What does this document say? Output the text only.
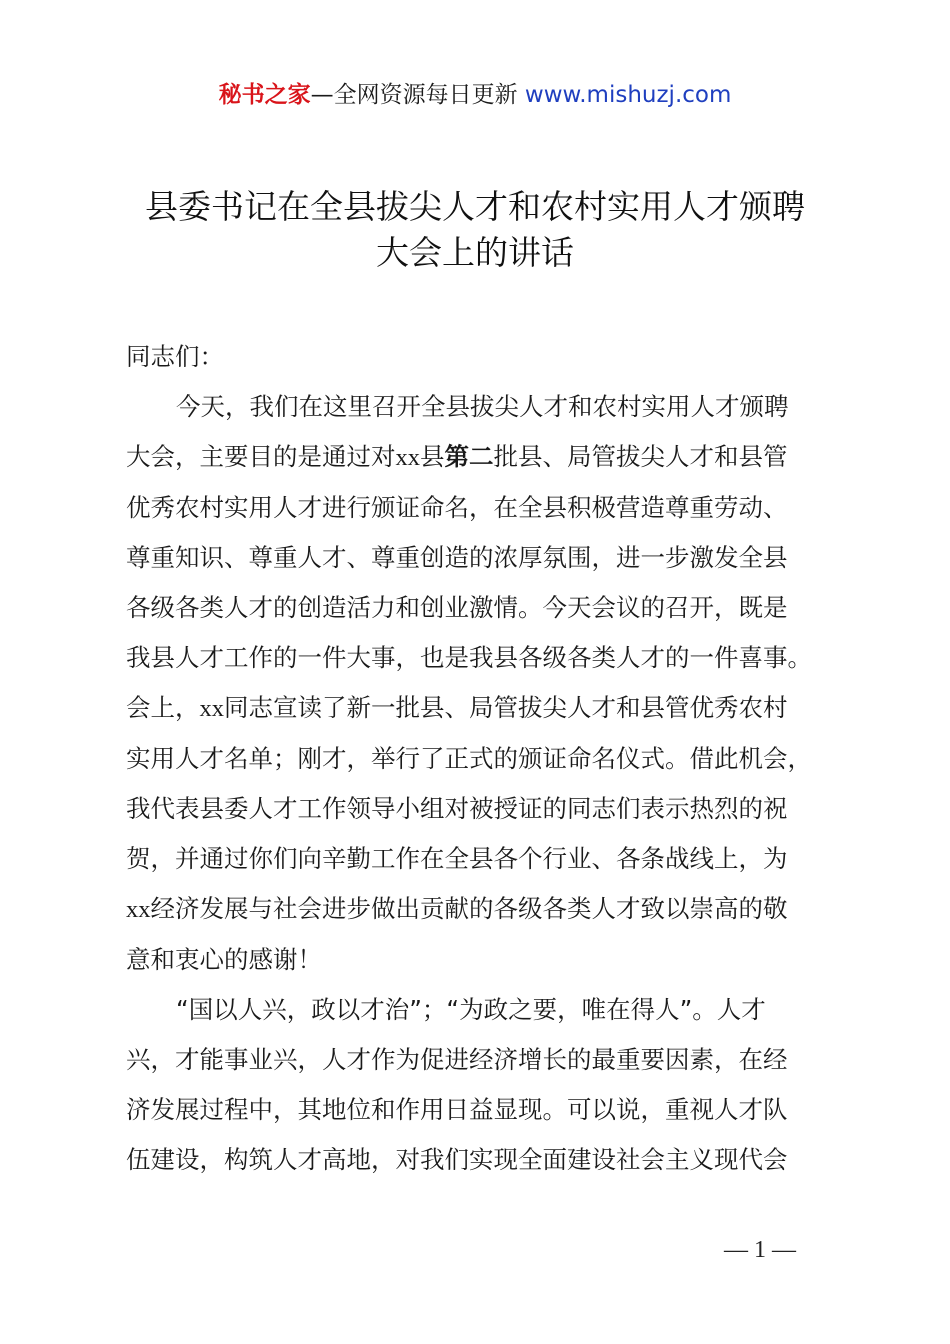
秘书之家—全网资源每日更新 www.mishuzj.com
县委书记在全县拔尖人才和农村实用人才颁聘
大会上的讲话
同志们：
今天，我们在这里召开全县拔尖人才和农村实用人才颁聘
大会，主要目的是通过对xx县第二批县、局管拔尖人才和县管
优秀农村实用人才进行颁证命名，在全县积极营造尊重劳动、
尊重知识、尊重人才、尊重创造的浓厚氛围，进一步激发全县
各级各类人才的创造活力和创业激情。今天会议的召开，既是
我县人才工作的一件大事，也是我县各级各类人才的一件喜事。
会上，xx同志宣读了新一批县、局管拔尖人才和县管优秀农村
实用人才名单；刚才，举行了正式的颁证命名仪式。借此机会，
我代表县委人才工作领导小组对被授证的同志们表示热烈的祝
贺，并通过你们向辛勤工作在全县各个行业、各条战线上，为
xx经济发展与社会进步做出贡献的各级各类人才致以崇高的敬
意和衷心的感谢！
“国以人兴，政以才治”；“为政之要，唯在得人”。人才
兴，才能事业兴，人才作为促进经济增长的最重要因素，在经
济发展过程中，其地位和作用日益显现。可以说，重视人才队
伍建设，构筑人才高地，对我们实现全面建设社会主义现代会
— 1 —
